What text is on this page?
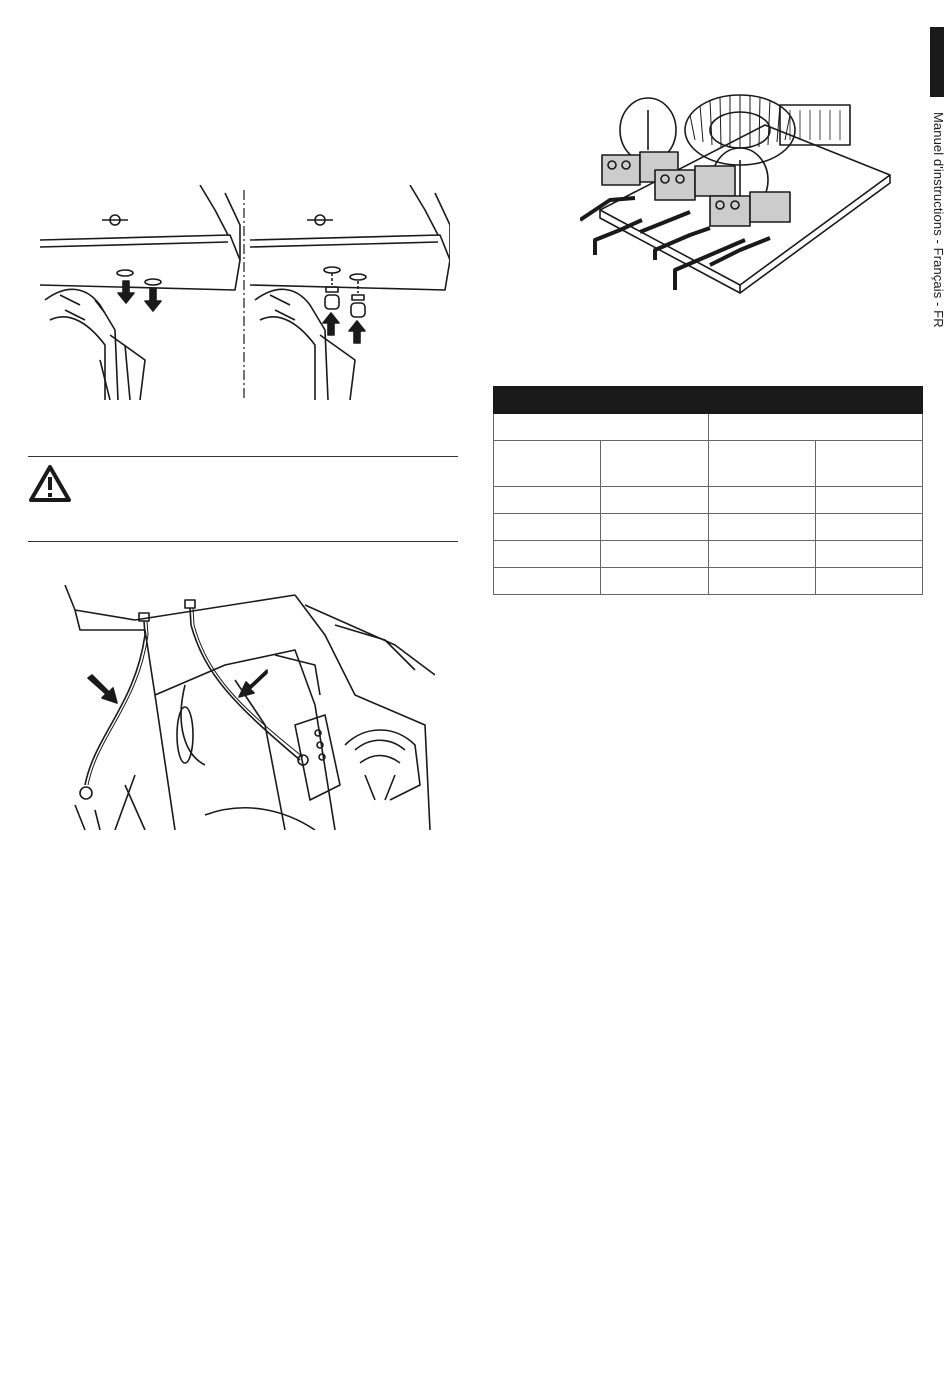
Manuel d'instructions - Français - FR
